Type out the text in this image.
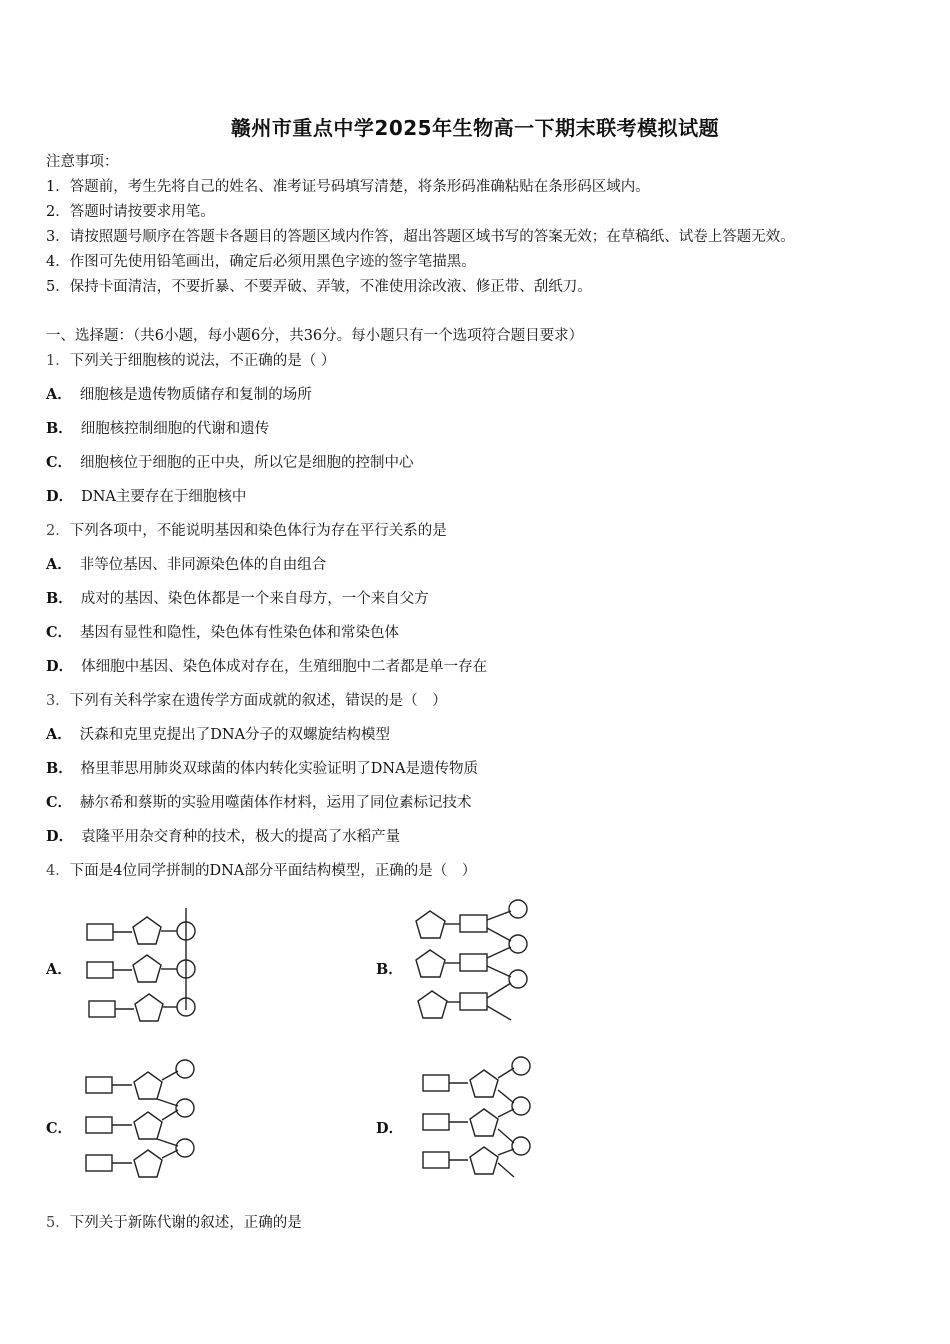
赣州市重点中学2025年生物高一下期末联考模拟试题
注意事项：
1．答题前，考生先将自己的姓名、准考证号码填写清楚，将条形码准确粘贴在条形码区域内。
2．答题时请按要求用笔。
3．请按照题号顺序在答题卡各题目的答题区域内作答，超出答题区域书写的答案无效；在草稿纸、试卷上答题无效。
4．作图可先使用铅笔画出，确定后必须用黑色字迹的签字笔描黑。
5．保持卡面清洁，不要折暴、不要弄破、弄皱，不准使用涂改液、修正带、刮纸刀。
一、选择题：（共6小题，每小题6分，共36分。每小题只有一个选项符合题目要求）
1．下列关于细胞核的说法，不正确的是（ ）
A． 细胞核是遗传物质储存和复制的场所
B． 细胞核控制细胞的代谢和遗传
C． 细胞核位于细胞的正中央，所以它是细胞的控制中心
D． DNA主要存在于细胞核中
2．下列各项中，不能说明基因和染色体行为存在平行关系的是
A． 非等位基因、非同源染色体的自由组合
B． 成对的基因、染色体都是一个来自母方，一个来自父方
C． 基因有显性和隐性，染色体有性染色体和常染色体
D． 体细胞中基因、染色体成对存在，生殖细胞中二者都是单一存在
3．下列有关科学家在遗传学方面成就的叙述，错误的是（　）
A． 沃森和克里克提出了DNA分子的双螺旋结构模型
B． 格里菲思用肺炎双球菌的体内转化实验证明了DNA是遗传物质
C． 赫尔希和蔡斯的实验用噬菌体作材料，运用了同位素标记技术
D． 袁隆平用杂交育种的技术，极大的提高了水稻产量
4．下面是4位同学拼制的DNA部分平面结构模型，正确的是（　）
A．	B．
C．	D．
5．下列关于新陈代谢的叙述，正确的是
